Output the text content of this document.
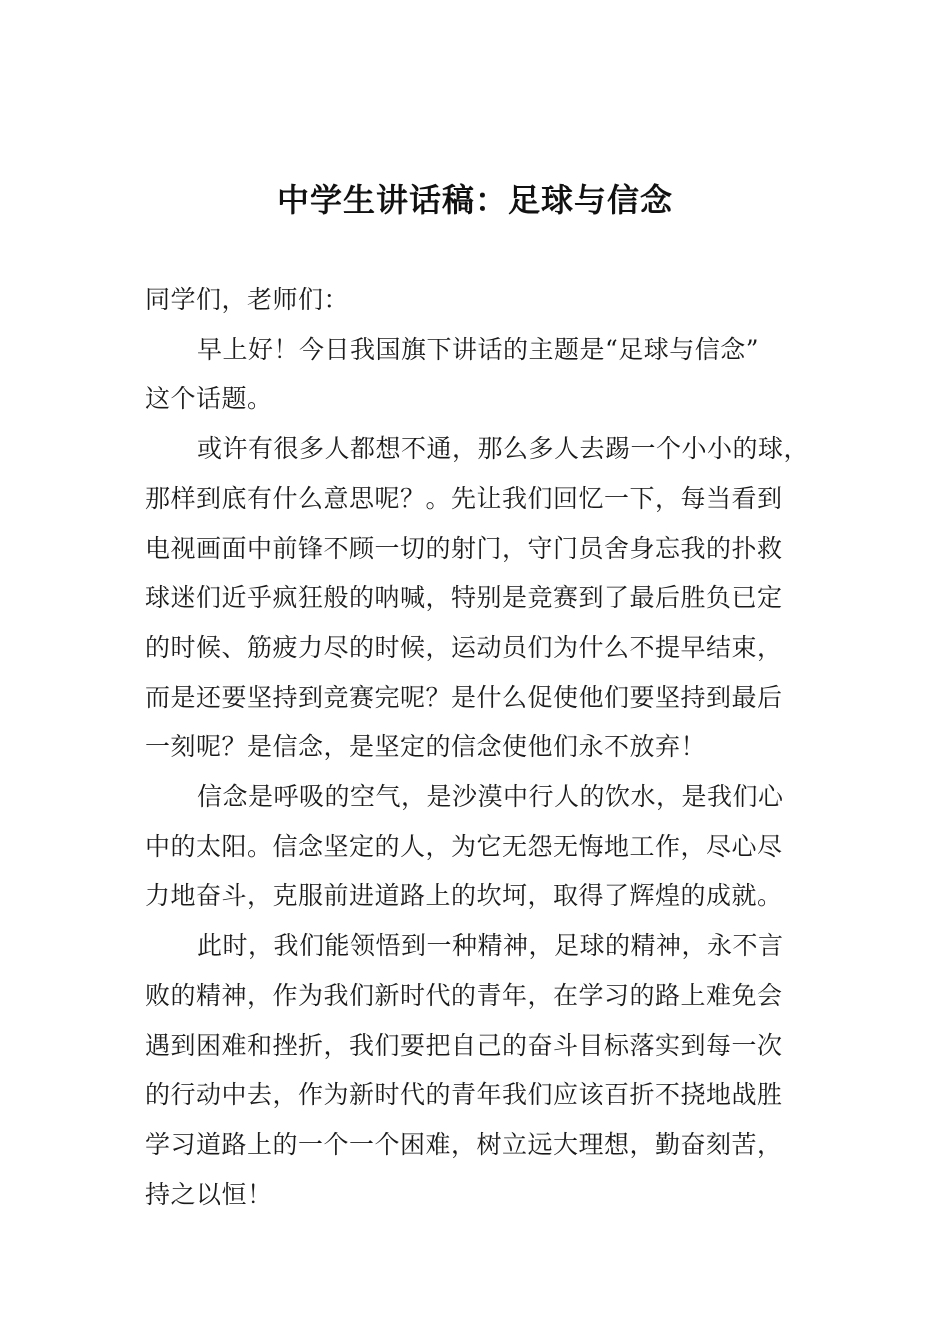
中学生讲话稿：足球与信念

同学们，老师们：

早上好！今日我国旗下讲话的主题是“足球与信念”

这个话题。

或许有很多人都想不通，那么多人去踢一个小小的球，

那样到底有什么意思呢？。先让我们回忆一下，每当看到

电视画面中前锋不顾一切的射门，守门员舍身忘我的扑救

球迷们近乎疯狂般的呐喊，特别是竞赛到了最后胜负已定

的时候、筋疲力尽的时候，运动员们为什么不提早结束，

而是还要坚持到竞赛完呢？是什么促使他们要坚持到最后

一刻呢？是信念，是坚定的信念使他们永不放弃！

信念是呼吸的空气，是沙漠中行人的饮水，是我们心

中的太阳。信念坚定的人，为它无怨无悔地工作，尽心尽

力地奋斗，克服前进道路上的坎坷，取得了辉煌的成就。

此时，我们能领悟到一种精神，足球的精神，永不言

败的精神，作为我们新时代的青年，在学习的路上难免会

遇到困难和挫折，我们要把自己的奋斗目标落实到每一次

的行动中去，作为新时代的青年我们应该百折不挠地战胜

学习道路上的一个一个困难，树立远大理想，勤奋刻苦，

持之以恒！
